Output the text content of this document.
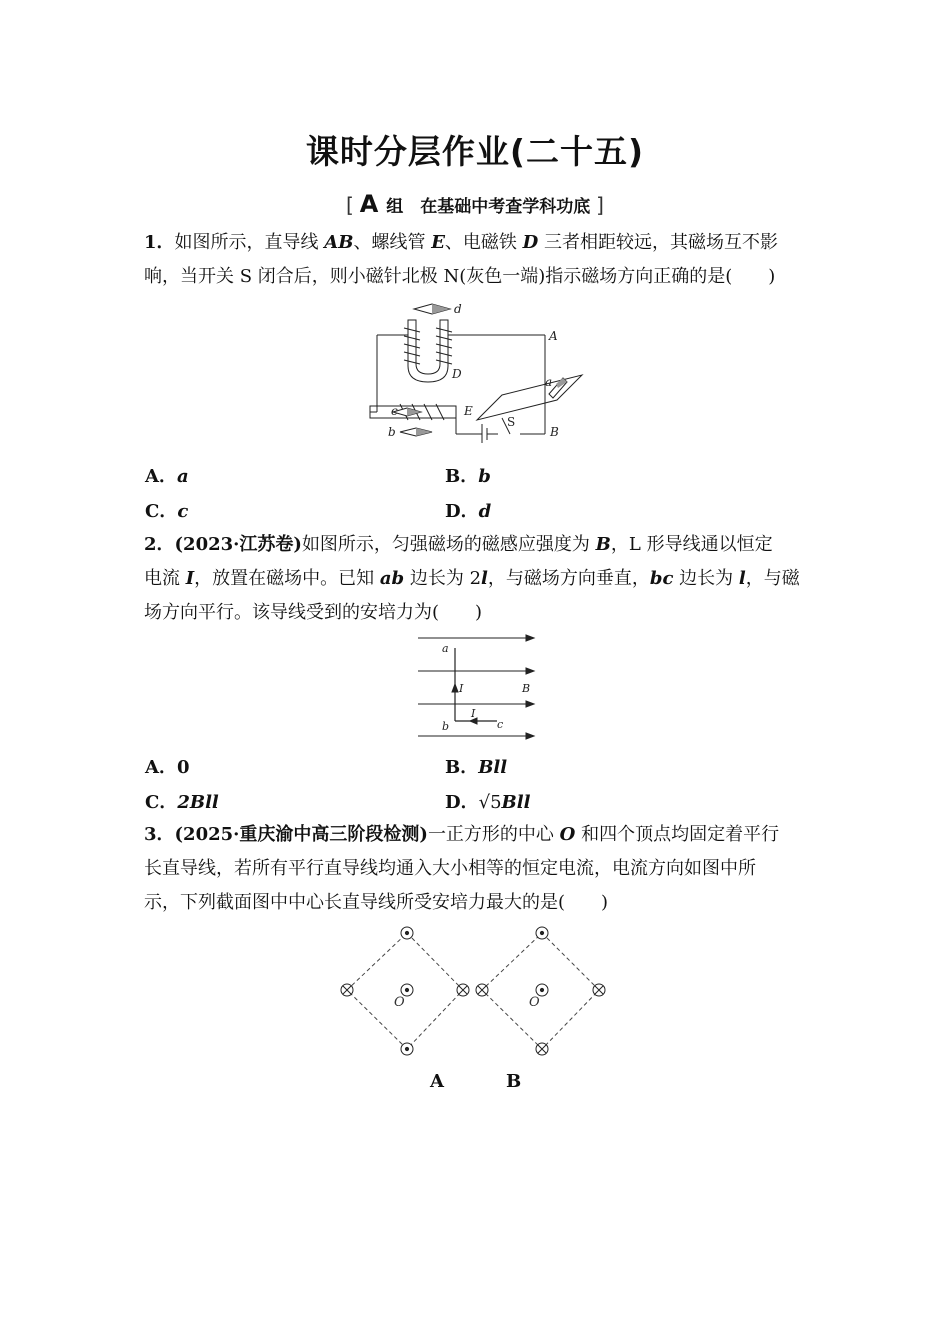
课时分层作业(二十五)
[ A 组　在基础中考查学科功底 ]
1．如图所示，直导线 AB、螺线管 E、电磁铁 D 三者相距较远，其磁场互不影
响，当开关 S 闭合后，则小磁针北极 N(灰色一端)指示磁场方向正确的是(　　)
d
A
D
a
c	E
S
b	B
A．a	B．b
C．c	D．d
2．(2023·江苏卷)如图所示，匀强磁场的磁感应强度为 B，L 形导线通以恒定
电流 I，放置在磁场中。已知 ab 边长为 2l，与磁场方向垂直，bc 边长为 l，与磁
场方向平行。该导线受到的安培力为(　　)
a
I	B
I
b	c
A．0	B．Bll
C．2Bll	D．√5Bll
3．(2025·重庆渝中高三阶段检测)一正方形的中心 O 和四个顶点均固定着平行
长直导线，若所有平行直导线均通入大小相等的恒定电流，电流方向如图中所
示，下列截面图中中心长直导线所受安培力最大的是(　　)
O	O
A	B
